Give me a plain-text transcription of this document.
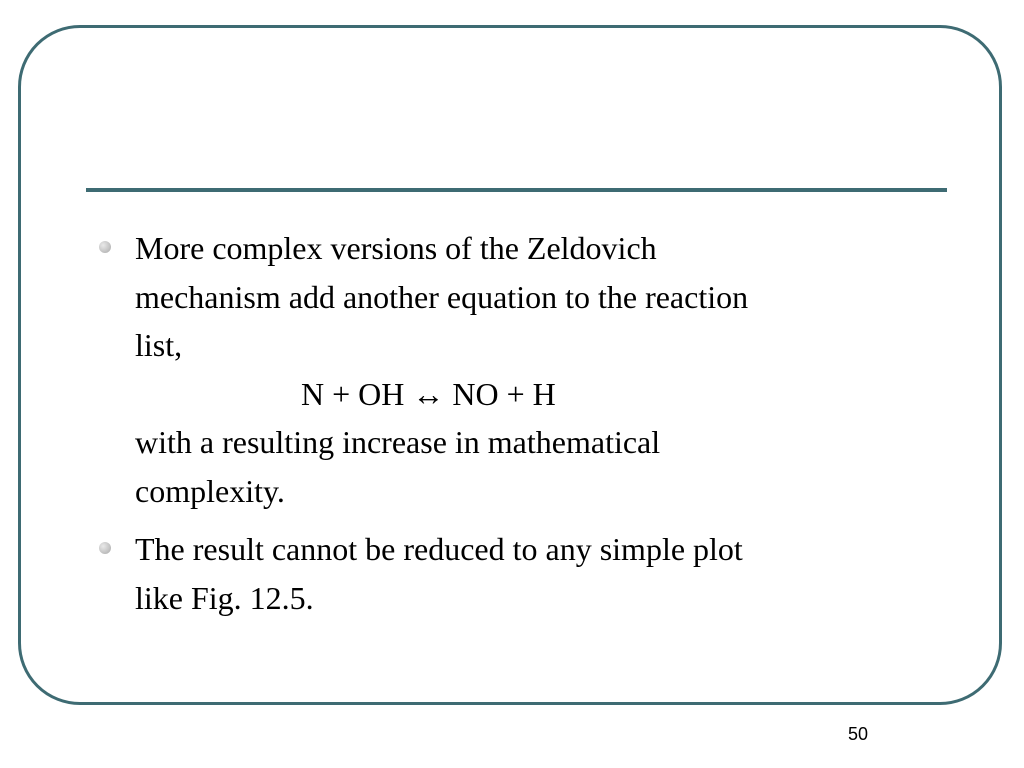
More complex versions of the Zeldovich
mechanism add another equation to the reaction
list,
N + OH ↔ NO + H
with a resulting increase in mathematical
complexity.
The result cannot be reduced to any simple plot
like Fig. 12.5.
50
